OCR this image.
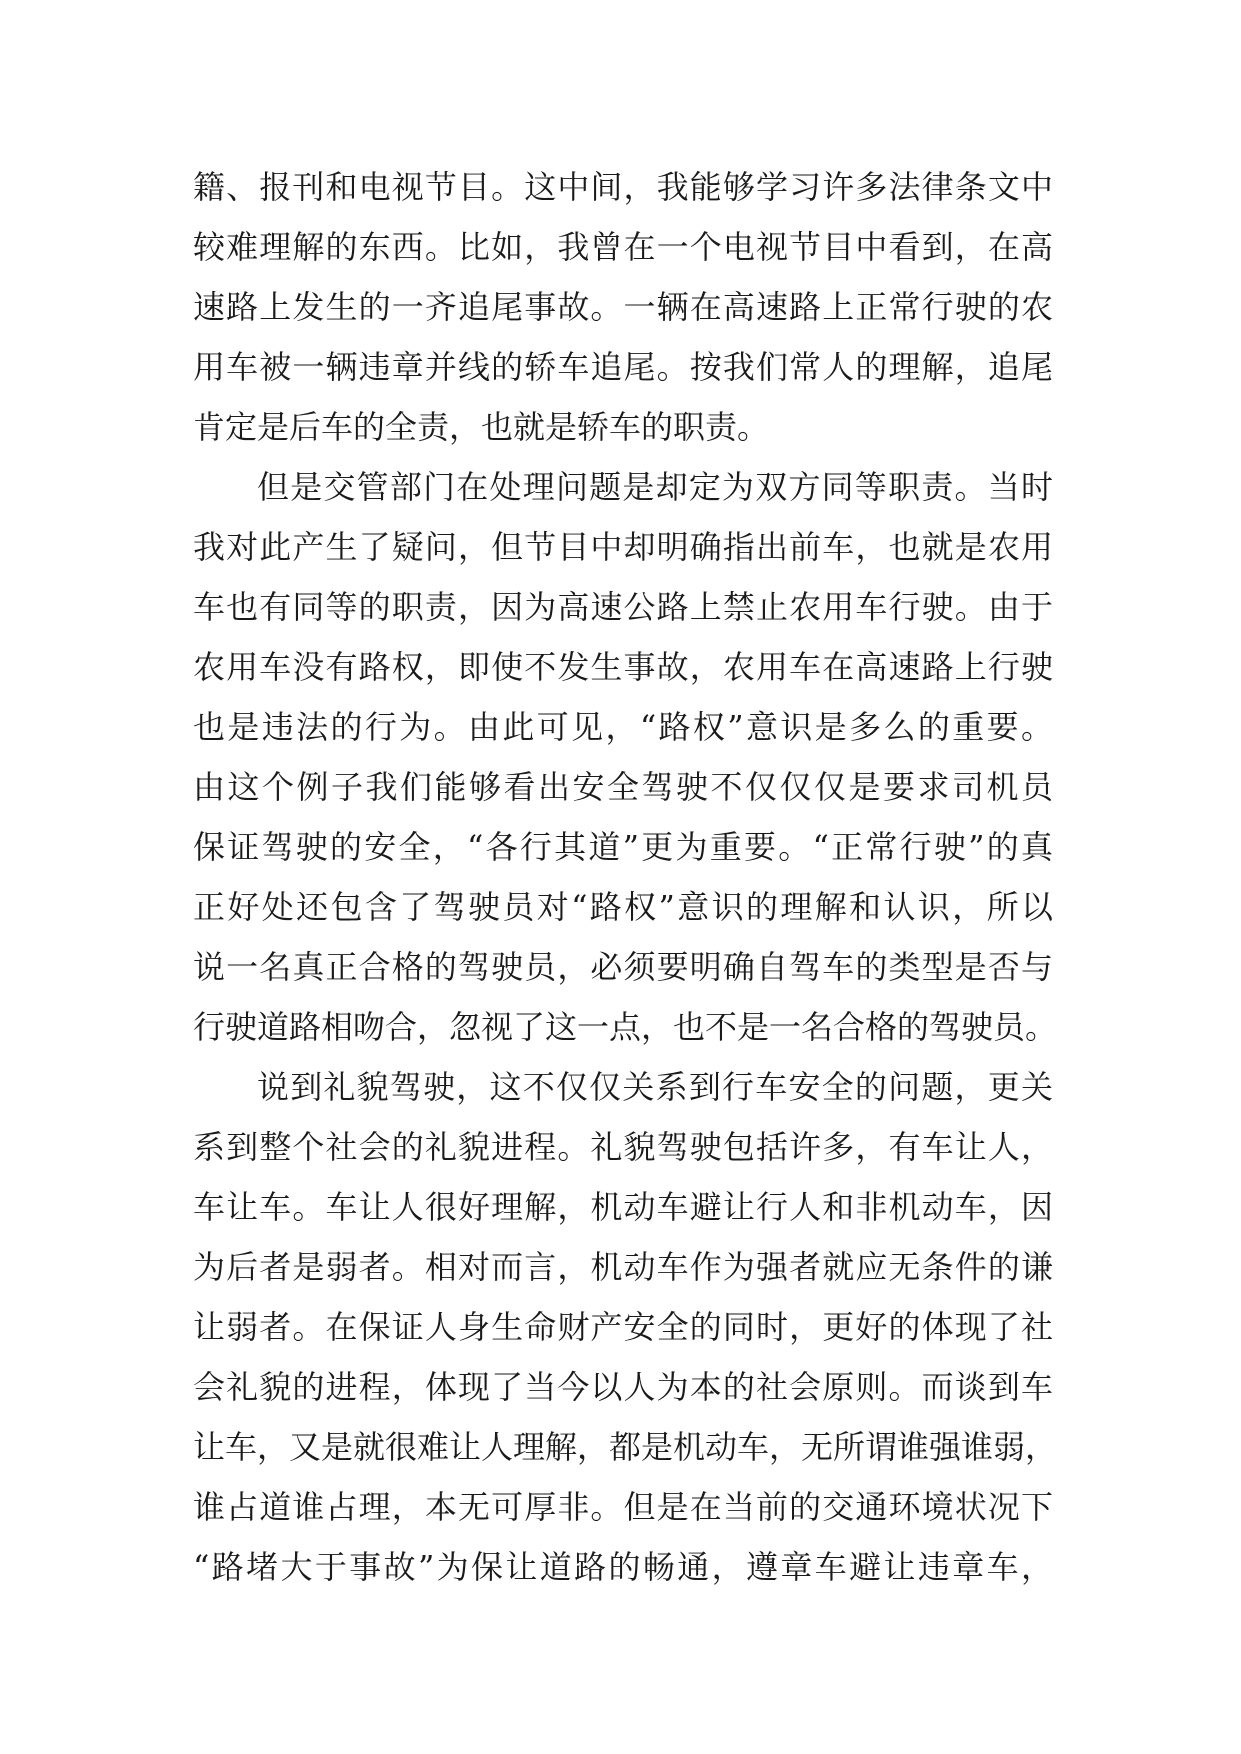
籍、报刊和电视节目。这中间，我能够学习许多法律条文中
较难理解的东西。比如，我曾在一个电视节目中看到，在高
速路上发生的一齐追尾事故。一辆在高速路上正常行驶的农
用车被一辆违章并线的轿车追尾。按我们常人的理解，追尾
肯定是后车的全责，也就是轿车的职责。
但是交管部门在处理问题是却定为双方同等职责。当时
我对此产生了疑问，但节目中却明确指出前车，也就是农用
车也有同等的职责，因为高速公路上禁止农用车行驶。由于
农用车没有路权，即使不发生事故，农用车在高速路上行驶
也是违法的行为。由此可见，“路权”意识是多么的重要。
由这个例子我们能够看出安全驾驶不仅仅仅是要求司机员
保证驾驶的安全，“各行其道”更为重要。“正常行驶”的真
正好处还包含了驾驶员对“路权”意识的理解和认识，所以
说一名真正合格的驾驶员，必须要明确自驾车的类型是否与
行驶道路相吻合，忽视了这一点，也不是一名合格的驾驶员。
说到礼貌驾驶，这不仅仅关系到行车安全的问题，更关
系到整个社会的礼貌进程。礼貌驾驶包括许多，有车让人，
车让车。车让人很好理解，机动车避让行人和非机动车，因
为后者是弱者。相对而言，机动车作为强者就应无条件的谦
让弱者。在保证人身生命财产安全的同时，更好的体现了社
会礼貌的进程，体现了当今以人为本的社会原则。而谈到车
让车，又是就很难让人理解，都是机动车，无所谓谁强谁弱，
谁占道谁占理，本无可厚非。但是在当前的交通环境状况下
“路堵大于事故”为保让道路的畅通，遵章车避让违章车，
